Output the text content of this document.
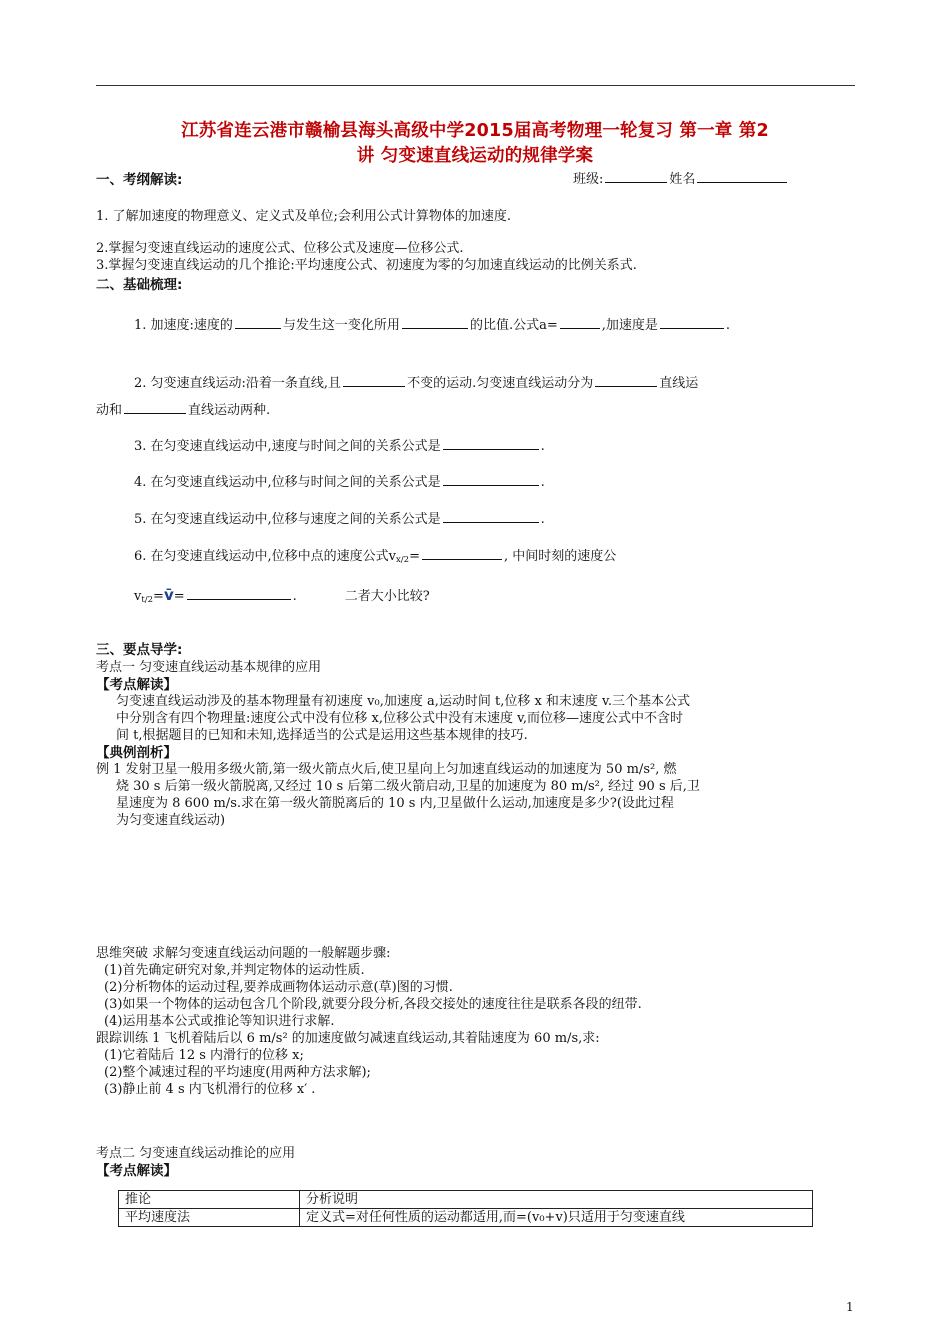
江苏省连云港市赣榆县海头高级中学2015届高考物理一轮复习 第一章 第2
讲 匀变速直线运动的规律学案
一、考纲解读:	班级:	姓名
1. 了解加速度的物理意义、定义式及单位;会利用公式计算物体的加速度.
2.掌握匀变速直线运动的速度公式、位移公式及速度—位移公式.
3.掌握匀变速直线运动的几个推论:平均速度公式、初速度为零的匀加速直线运动的比例关系式.
二、基础梳理:
1. 加速度:速度的	与发生这一变化所用	的比值.公式a=	,加速度是	.
2. 匀变速直线运动:沿着一条直线,且	不变的运动.匀变速直线运动分为	直线运
动和	直线运动两种.
3. 在匀变速直线运动中,速度与时间之间的关系公式是	.
4. 在匀变速直线运动中,位移与时间之间的关系公式是	.
5. 在匀变速直线运动中,位移与速度之间的关系公式是	.
6. 在匀变速直线运动中,位移中点的速度公式$v_{x/2}=$	, 中间时刻的速度公
$v_{t/2}=v̄=$	.	二者大小比较?
三、要点导学:
考点一 匀变速直线运动基本规律的应用
【考点解读】
匀变速直线运动涉及的基本物理量有初速度 v₀,加速度 a,运动时间 t,位移 x 和末速度 v.三个基本公式
中分别含有四个物理量:速度公式中没有位移 x,位移公式中没有末速度 v,而位移—速度公式中不含时
间 t,根据题目的已知和未知,选择适当的公式是运用这些基本规律的技巧.
【典例剖析】
例 1 发射卫星一般用多级火箭,第一级火箭点火后,使卫星向上匀加速直线运动的加速度为 50 m/s², 燃
烧 30 s 后第一级火箭脱离,又经过 10 s 后第二级火箭启动,卫星的加速度为 80 m/s², 经过 90 s 后,卫
星速度为 8 600 m/s.求在第一级火箭脱离后的 10 s 内,卫星做什么运动,加速度是多少?(设此过程
为匀变速直线运动)
思维突破 求解匀变速直线运动问题的一般解题步骤:
(1)首先确定研究对象,并判定物体的运动性质.
(2)分析物体的运动过程,要养成画物体运动示意(草)图的习惯.
(3)如果一个物体的运动包含几个阶段,就要分段分析,各段交接处的速度往往是联系各段的纽带.
(4)运用基本公式或推论等知识进行求解.
跟踪训练 1 飞机着陆后以 6 m/s² 的加速度做匀减速直线运动,其着陆速度为 60 m/s,求:
(1)它着陆后 12 s 内滑行的位移 x;
(2)整个减速过程的平均速度(用两种方法求解);
(3)静止前 4 s 内飞机滑行的位移 x′ .
考点二 匀变速直线运动推论的应用
【考点解读】
推论	分析说明
平均速度法	定义式=对任何性质的运动都适用,而=(v₀+v)只适用于匀变速直线
1
